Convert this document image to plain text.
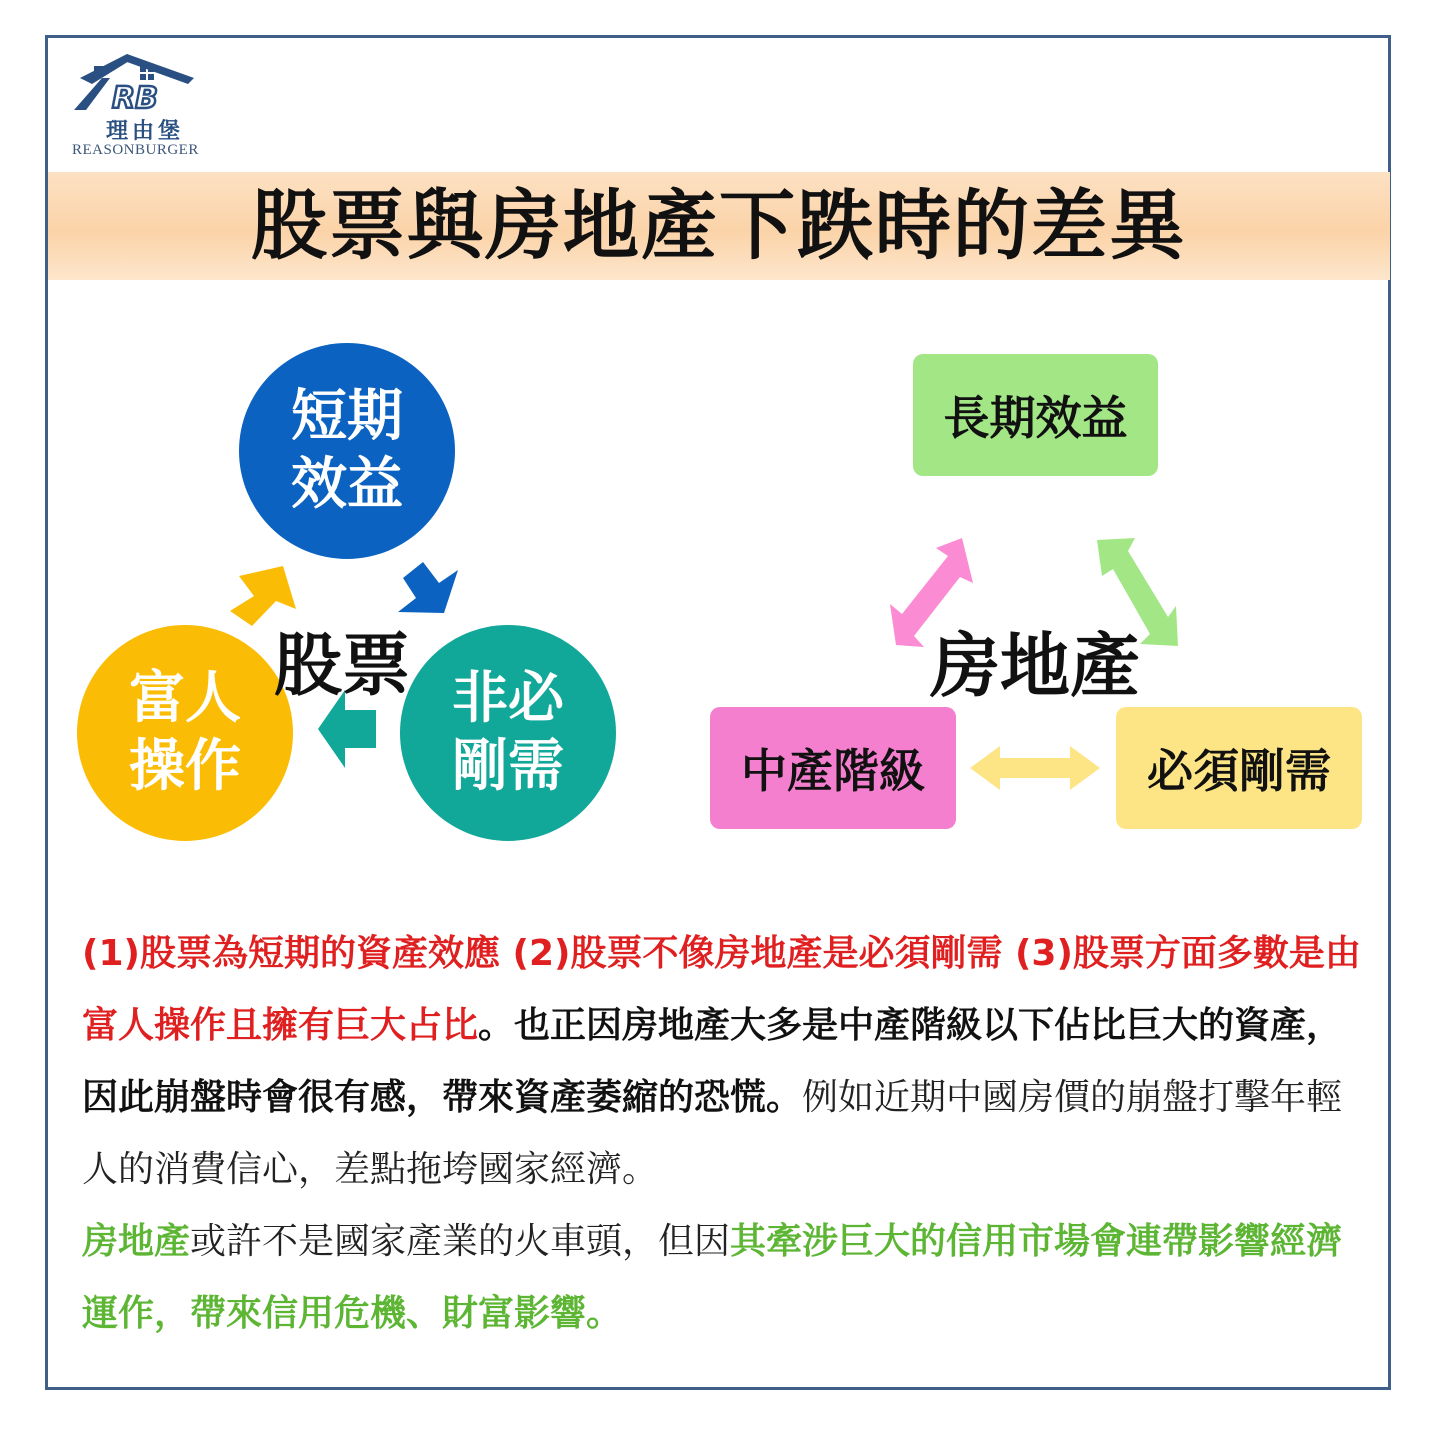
RB
理由堡
REASONBURGER
股票與房地產下跌時的差異
短期效益
非必剛需
富人操作
股票
長期效益
中產階級	必須剛需
房地產
(1)股票為短期的資產效應 (2)股票不像房地產是必須剛需 (3)股票方面多數是由富人操作且擁有巨大占比。也正因房地產大多是中產階級以下佔比巨大的資產，因此崩盤時會很有感，帶來資產萎縮的恐慌。例如近期中國房價的崩盤打擊年輕人的消費信心，差點拖垮國家經濟。
房地產或許不是國家產業的火車頭，但因其牽涉巨大的信用市場會連帶影響經濟運作，帶來信用危機、財富影響。
